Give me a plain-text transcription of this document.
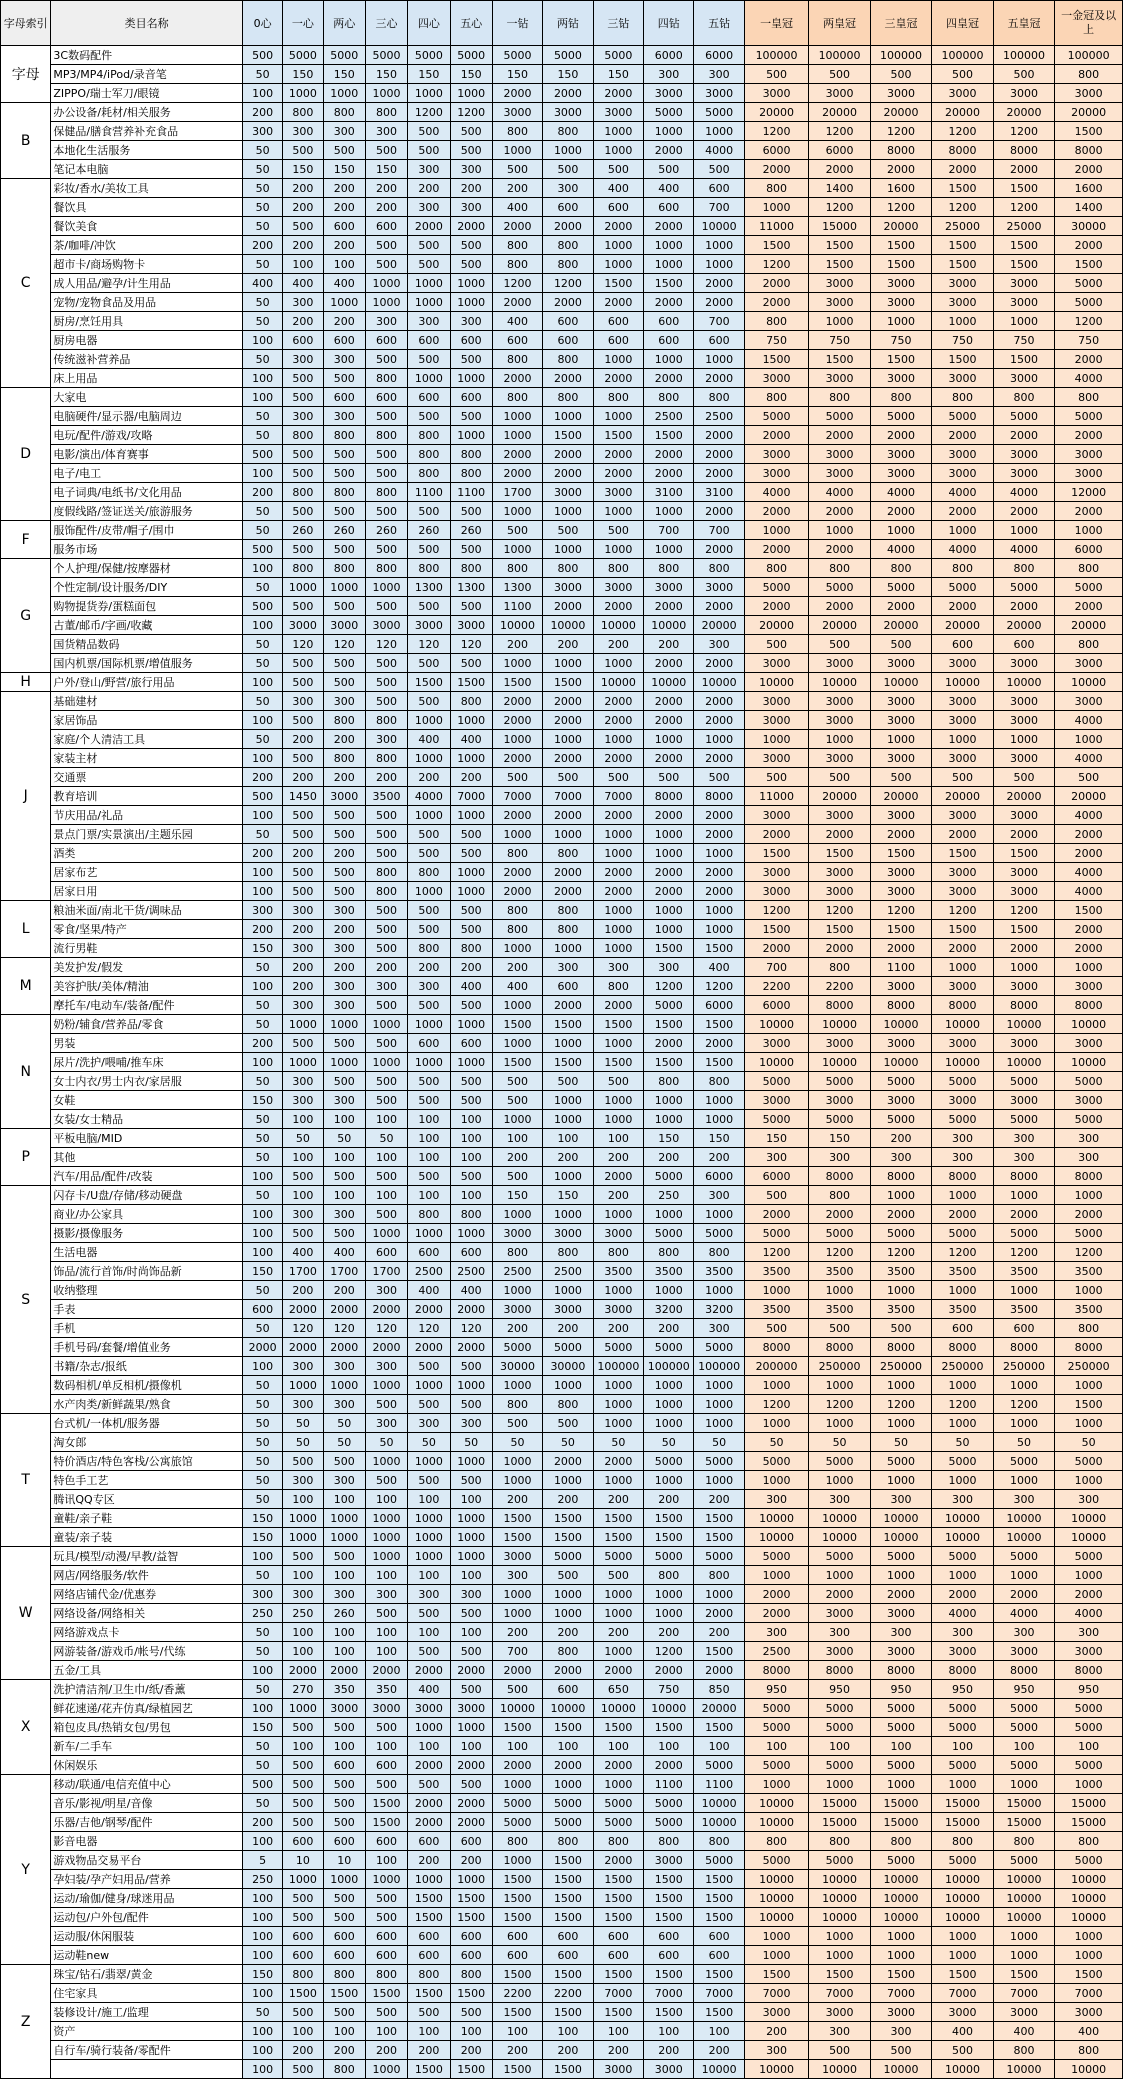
字母索引	类目名称	0心	一心	两心	三心	四心	五心	一钻	两钻	三钻	四钻	五钻	一皇冠	两皇冠	三皇冠	四皇冠	五皇冠	一金冠及以上
字母	3C数码配件	500	5000	5000	5000	5000	5000	5000	5000	5000	6000	6000	100000	100000	100000	100000	100000	100000
	MP3/MP4/iPod/录音笔	50	150	150	150	150	150	150	150	150	300	300	500	500	500	500	500	800
	ZIPPO/瑞士军刀/眼镜	100	1000	1000	1000	1000	1000	2000	2000	2000	3000	3000	3000	3000	3000	3000	3000	3000
B	办公设备/耗材/相关服务	200	800	800	800	1200	1200	3000	3000	3000	5000	5000	20000	20000	20000	20000	20000	20000
	保健品/膳食营养补充食品	300	300	300	300	500	500	800	800	1000	1000	1000	1200	1200	1200	1200	1200	1500
	本地化生活服务	50	500	500	500	500	500	1000	1000	1000	2000	4000	6000	6000	8000	8000	8000	8000
	笔记本电脑	50	150	150	150	300	300	500	500	500	500	500	2000	2000	2000	2000	2000	2000
C	彩妆/香水/美妆工具	50	200	200	200	200	200	200	300	400	400	600	800	1400	1600	1500	1500	1600
	餐饮具	50	200	200	200	300	300	400	600	600	600	700	1000	1200	1200	1200	1200	1400
	餐饮美食	50	500	600	600	2000	2000	2000	2000	2000	2000	10000	11000	15000	20000	25000	25000	30000
	茶/咖啡/冲饮	200	200	200	500	500	500	800	800	1000	1000	1000	1500	1500	1500	1500	1500	2000
	超市卡/商场购物卡	50	100	100	500	500	500	800	800	1000	1000	1000	1200	1500	1500	1500	1500	1500
	成人用品/避孕/计生用品	400	400	400	1000	1000	1000	1200	1200	1500	1500	2000	2000	3000	3000	3000	3000	5000
	宠物/宠物食品及用品	50	300	1000	1000	1000	1000	2000	2000	2000	2000	2000	2000	3000	3000	3000	3000	5000
	厨房/烹饪用具	50	200	200	300	300	300	400	600	600	600	700	800	1000	1000	1000	1000	1200
	厨房电器	100	600	600	600	600	600	600	600	600	600	600	750	750	750	750	750	750
	传统滋补营养品	50	300	300	500	500	500	800	800	1000	1000	1000	1500	1500	1500	1500	1500	2000
	床上用品	100	500	500	800	1000	1000	2000	2000	2000	2000	2000	3000	3000	3000	3000	3000	4000
D	大家电	100	500	600	600	600	600	800	800	800	800	800	800	800	800	800	800	800
	电脑硬件/显示器/电脑周边	50	300	300	500	500	500	1000	1000	1000	2500	2500	5000	5000	5000	5000	5000	5000
	电玩/配件/游戏/攻略	50	800	800	800	800	1000	1000	1500	1500	1500	2000	2000	2000	2000	2000	2000	2000
	电影/演出/体育赛事	500	500	500	500	800	800	2000	2000	2000	2000	2000	3000	3000	3000	3000	3000	3000
	电子/电工	100	500	500	500	800	800	2000	2000	2000	2000	2000	3000	3000	3000	3000	3000	3000
	电子词典/电纸书/文化用品	200	800	800	800	1100	1100	1700	3000	3000	3100	3100	4000	4000	4000	4000	4000	12000
	度假线路/签证送关/旅游服务	50	500	500	500	500	500	1000	1000	1000	1000	2000	2000	2000	2000	2000	2000	2000
F	服饰配件/皮带/帽子/围巾	50	260	260	260	260	260	500	500	500	700	700	1000	1000	1000	1000	1000	1000
	服务市场	500	500	500	500	500	500	1000	1000	1000	1000	2000	2000	2000	4000	4000	4000	6000
G	个人护理/保健/按摩器材	100	800	800	800	800	800	800	800	800	800	800	800	800	800	800	800	800
	个性定制/设计服务/DIY	50	1000	1000	1000	1300	1300	1300	3000	3000	3000	3000	5000	5000	5000	5000	5000	5000
	购物提货券/蛋糕面包	500	500	500	500	500	500	1100	2000	2000	2000	2000	2000	2000	2000	2000	2000	2000
	古董/邮币/字画/收藏	100	3000	3000	3000	3000	3000	10000	10000	10000	10000	20000	20000	20000	20000	20000	20000	20000
	国货精品数码	50	120	120	120	120	120	200	200	200	200	300	500	500	500	600	600	800
	国内机票/国际机票/增值服务	50	500	500	500	500	500	1000	1000	1000	2000	2000	3000	3000	3000	3000	3000	3000
H	户外/登山/野营/旅行用品	100	500	500	500	1500	1500	1500	1500	10000	10000	10000	10000	10000	10000	10000	10000	10000
J	基础建材	50	300	300	500	500	800	2000	2000	2000	2000	2000	3000	3000	3000	3000	3000	3000
	家居饰品	100	500	800	800	1000	1000	2000	2000	2000	2000	2000	3000	3000	3000	3000	3000	4000
	家庭/个人清洁工具	50	200	200	300	400	400	1000	1000	1000	1000	1000	1000	1000	1000	1000	1000	1000
	家装主材	100	500	800	800	1000	1000	2000	2000	2000	2000	2000	3000	3000	3000	3000	3000	4000
	交通票	200	200	200	200	200	200	500	500	500	500	500	500	500	500	500	500	500
	教育培训	500	1450	3000	3500	4000	7000	7000	7000	7000	8000	8000	11000	20000	20000	20000	20000	20000
	节庆用品/礼品	100	500	500	500	1000	1000	2000	2000	2000	2000	2000	3000	3000	3000	3000	3000	4000
	景点门票/实景演出/主题乐园	50	500	500	500	500	500	1000	1000	1000	1000	2000	2000	2000	2000	2000	2000	2000
	酒类	200	200	200	500	500	500	800	800	1000	1000	1000	1500	1500	1500	1500	1500	2000
	居家布艺	100	500	500	800	800	1000	2000	2000	2000	2000	2000	3000	3000	3000	3000	3000	4000
	居家日用	100	500	500	800	1000	1000	2000	2000	2000	2000	2000	3000	3000	3000	3000	3000	4000
L	粮油米面/南北干货/调味品	300	300	300	500	500	500	800	800	1000	1000	1000	1200	1200	1200	1200	1200	1500
	零食/坚果/特产	200	200	200	500	500	500	800	800	1000	1000	1000	1500	1500	1500	1500	1500	2000
	流行男鞋	150	300	300	500	800	800	1000	1000	1000	1500	1500	2000	2000	2000	2000	2000	2000
M	美发护发/假发	50	200	200	200	200	200	200	300	300	300	400	700	800	1100	1000	1000	1000
	美容护肤/美体/精油	100	200	300	300	300	400	400	600	800	1200	1200	2200	2200	3000	3000	3000	3000
	摩托车/电动车/装备/配件	50	300	300	500	500	500	1000	2000	2000	5000	6000	6000	8000	8000	8000	8000	8000
N	奶粉/辅食/营养品/零食	50	1000	1000	1000	1000	1000	1500	1500	1500	1500	1500	10000	10000	10000	10000	10000	10000
	男装	200	500	500	500	600	600	1000	1000	1000	2000	2000	3000	3000	3000	3000	3000	3000
	尿片/洗护/喂哺/推车床	100	1000	1000	1000	1000	1000	1500	1500	1500	1500	1500	10000	10000	10000	10000	10000	10000
	女士内衣/男士内衣/家居服	50	300	500	500	500	500	500	500	500	800	800	5000	5000	5000	5000	5000	5000
	女鞋	150	300	300	500	500	500	500	1000	1000	1000	1000	3000	3000	3000	3000	3000	3000
	女装/女士精品	50	100	100	100	100	100	1000	1000	1000	1000	1000	5000	5000	5000	5000	5000	5000
P	平板电脑/MID	50	50	50	50	100	100	100	100	100	150	150	150	150	200	300	300	300
	其他	50	100	100	100	100	100	200	200	200	200	200	300	300	300	300	300	300
	汽车/用品/配件/改装	100	500	500	500	500	500	500	1000	2000	5000	6000	6000	8000	8000	8000	8000	8000
S	闪存卡/U盘/存储/移动硬盘	50	100	100	100	100	100	150	150	200	250	300	500	800	1000	1000	1000	1000
	商业/办公家具	100	300	300	500	800	800	1000	1000	1000	1000	1000	2000	2000	2000	2000	2000	2000
	摄影/摄像服务	100	500	500	1000	1000	1000	3000	3000	3000	5000	5000	5000	5000	5000	5000	5000	5000
	生活电器	100	400	400	600	600	600	800	800	800	800	800	1200	1200	1200	1200	1200	1200
	饰品/流行首饰/时尚饰品新	150	1700	1700	1700	2500	2500	2500	2500	3500	3500	3500	3500	3500	3500	3500	3500	3500
	收纳整理	50	200	200	300	400	400	1000	1000	1000	1000	1000	1000	1000	1000	1000	1000	1000
	手表	600	2000	2000	2000	2000	2000	3000	3000	3000	3200	3200	3500	3500	3500	3500	3500	3500
	手机	50	120	120	120	120	120	200	200	200	200	300	500	500	500	600	600	800
	手机号码/套餐/增值业务	2000	2000	2000	2000	2000	2000	5000	5000	5000	5000	5000	8000	8000	8000	8000	8000	8000
	书籍/杂志/报纸	100	300	300	300	500	500	30000	30000	100000	100000	100000	200000	250000	250000	250000	250000	250000
	数码相机/单反相机/摄像机	50	1000	1000	1000	1000	1000	1000	1000	1000	1000	1000	1000	1000	1000	1000	1000	1000
	水产肉类/新鲜蔬果/熟食	50	300	300	500	500	500	800	800	1000	1000	1000	1200	1200	1200	1200	1200	1500
T	台式机/一体机/服务器	50	50	50	300	300	300	500	500	1000	1000	1000	1000	1000	1000	1000	1000	1000
	淘女郎	50	50	50	50	50	50	50	50	50	50	50	50	50	50	50	50	50
	特价酒店/特色客栈/公寓旅馆	50	500	500	1000	1000	1000	1000	2000	2000	5000	5000	5000	5000	5000	5000	5000	5000
	特色手工艺	50	300	300	500	500	500	1000	1000	1000	1000	1000	1000	1000	1000	1000	1000	1000
	腾讯QQ专区	50	100	100	100	100	100	200	200	200	200	200	300	300	300	300	300	300
	童鞋/亲子鞋	150	1000	1000	1000	1000	1000	1500	1500	1500	1500	1500	10000	10000	10000	10000	10000	10000
	童装/亲子装	150	1000	1000	1000	1000	1000	1500	1500	1500	1500	1500	10000	10000	10000	10000	10000	10000
W	玩具/模型/动漫/早教/益智	100	500	500	1000	1000	1000	3000	5000	5000	5000	5000	5000	5000	5000	5000	5000	5000
	网店/网络服务/软件	50	100	100	100	100	100	300	500	500	800	800	1000	1000	1000	1000	1000	1000
	网络店铺代金/优惠券	300	300	300	300	300	300	1000	1000	1000	1000	1000	2000	2000	2000	2000	2000	2000
	网络设备/网络相关	250	250	260	500	500	500	1000	1000	1000	1000	2000	2000	3000	3000	4000	4000	4000
	网络游戏点卡	50	100	100	100	100	100	200	200	200	200	200	300	300	300	300	300	300
	网游装备/游戏币/帐号/代练	50	100	100	100	500	500	700	800	1000	1200	1500	2500	3000	3000	3000	3000	3000
	五金/工具	100	2000	2000	2000	2000	2000	2000	2000	2000	2000	2000	8000	8000	8000	8000	8000	8000
X	洗护清洁剂/卫生巾/纸/香薰	50	270	350	350	400	500	500	600	650	750	850	950	950	950	950	950	950
	鲜花速递/花卉仿真/绿植园艺	100	1000	3000	3000	3000	3000	10000	10000	10000	10000	20000	5000	5000	5000	5000	5000	5000
	箱包皮具/热销女包/男包	150	500	500	500	1000	1000	1500	1500	1500	1500	1500	5000	5000	5000	5000	5000	5000
	新车/二手车	50	100	100	100	100	100	100	100	100	100	100	100	100	100	100	100	100
	休闲娱乐	50	500	600	600	2000	2000	2000	2000	2000	2000	5000	5000	5000	5000	5000	5000	5000
Y	移动/联通/电信充值中心	500	500	500	500	500	500	1000	1000	1000	1100	1100	1000	1000	1000	1000	1000	1000
	音乐/影视/明星/音像	50	500	500	1500	2000	2000	5000	5000	5000	5000	10000	10000	15000	15000	15000	15000	15000
	乐器/吉他/钢琴/配件	200	500	500	1500	2000	2000	5000	5000	5000	5000	10000	10000	15000	15000	15000	15000	15000
	影音电器	100	600	600	600	600	600	800	800	800	800	800	800	800	800	800	800	800
	游戏物品交易平台	5	10	10	100	200	200	1000	1500	2000	3000	5000	5000	5000	5000	5000	5000	5000
	孕妇装/孕产妇用品/营养	250	1000	1000	1000	1000	1000	1500	1500	1500	1500	1500	10000	10000	10000	10000	10000	10000
	运动/瑜伽/健身/球迷用品	100	500	500	500	1500	1500	1500	1500	1500	1500	1500	10000	10000	10000	10000	10000	10000
	运动包/户外包/配件	100	500	500	500	1500	1500	1500	1500	1500	1500	1500	10000	10000	10000	10000	10000	10000
	运动服/休闲服装	100	600	600	600	600	600	600	600	600	600	600	1000	1000	1000	1000	1000	1000
	运动鞋new	100	600	600	600	600	600	600	600	600	600	600	1000	1000	1000	1000	1000	1000
Z	珠宝/钻石/翡翠/黄金	150	800	800	800	800	800	1500	1500	1500	1500	1500	1500	1500	1500	1500	1500	1500
	住宅家具	100	1500	1500	1500	1500	1500	2200	2200	7000	7000	7000	7000	7000	7000	7000	7000	7000
	装修设计/施工/监理	50	500	500	500	500	500	1500	1500	1500	1500	1500	3000	3000	3000	3000	3000	3000
	资产	100	100	100	100	100	100	100	100	100	100	100	200	300	300	400	400	400
	自行车/骑行装备/零配件	100	200	200	200	200	200	200	200	200	200	200	300	500	500	500	800	800
		100	500	800	1000	1500	1500	1500	1500	3000	3000	10000	10000	10000	10000	10000	10000	10000
